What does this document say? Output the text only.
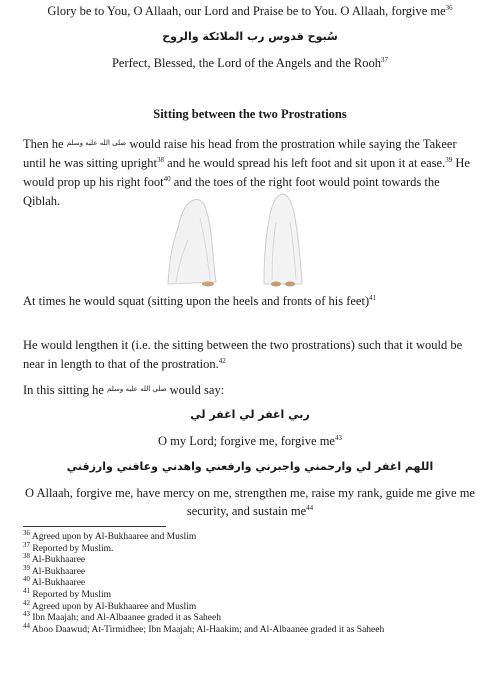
Glory be to You, O Allaah, our Lord and Praise be to You. O Allaah, forgive $me^{36}$
سُبوح قدوس رب الملائكة والروح
Perfect, Blessed, the Lord of the Angels and the Rooh$^{37}$
Sitting between the two Prostrations
Then he $^{صلى الله عليه وسلم}$ would raise his head from the prostration while saying the Takeer until he was sitting upright$^{38}$ and he would spread his left foot and sit upon it at ease.$^{39}$ He would prop up his right foot$^{40}$ and the toes of the right foot would point towards the Qiblah.
At times he would squat (sitting upon the heels and fronts of his feet)$^{41}$
He would lengthen it (i.e. the sitting between the two prostrations) such that it would be near in length to that of the prostration.$^{42}$
In this sitting he $^{صلى الله عليه وسلم}$ would say:
ربي اغفر لي اغفر لي
O my Lord; forgive me, forgive $me^{43}$
اللهم اغفر لي وارحمني واجبرني وارفعني واهدني وعافني وارزقني
O Allaah, forgive me, have mercy on me, strengthen me, raise my rank, guide me give me security, and sustain $me^{44}$
$^{36}$ Agreed upon by Al-Bukhaaree and Muslim
$^{37}$ Reported by Muslim.
$^{38}$ Al-Bukhaaree
$^{39}$ Al-Bukhaaree
$^{40}$ Al-Bukhaaree
$^{41}$ Reported by Muslim
$^{42}$ Agreed upon by Al-Bukhaaree and Muslim
$^{43}$ Ibn Maajah; and Al-Albaanee graded it as Saheeh
$^{44}$ Aboo Daawud; At-Tirmidhee; Ibn Maajah; Al-Haakim; and Al-Albaanee graded it as Saheeh
